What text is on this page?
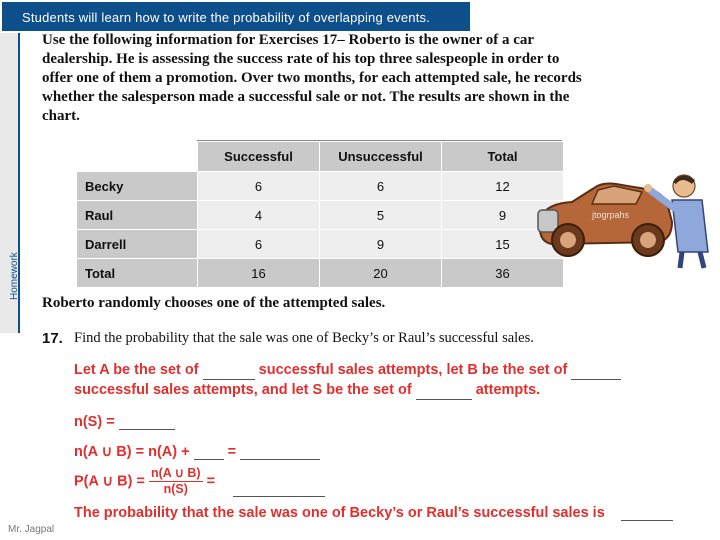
Students will learn how to write the probability of overlapping events.
Homework
Use the following information for Exercises 17– Roberto is the owner of a car dealership. He is assessing the success rate of his top three salespeople in order to offer one of them a promotion. Over two months, for each attempted sale, he records whether the salesperson made a successful sale or not. The results are shown in the chart.
	Successful	Unsuccessful	Total
Becky	6	6	12
Raul	4	5	9
Darrell	6	9	15
Total	16	20	36
jtogrpahs
Roberto randomly chooses one of the attempted sales.
17. Find the probability that the sale was one of Becky’s or Raul’s successful sales.
Let A be the set of	successful sales attempts, let B be the set of
successful sales attempts, and let S be the set of	attempts.
n(S) =
n(A ∪ B) = n(A) +	=
P(A ∪ $B) = \frac{n(A \cup B)}{n(S)}$ =
The probability that the sale was one of Becky’s or Raul’s successful sales is
Mr. Jagpal
